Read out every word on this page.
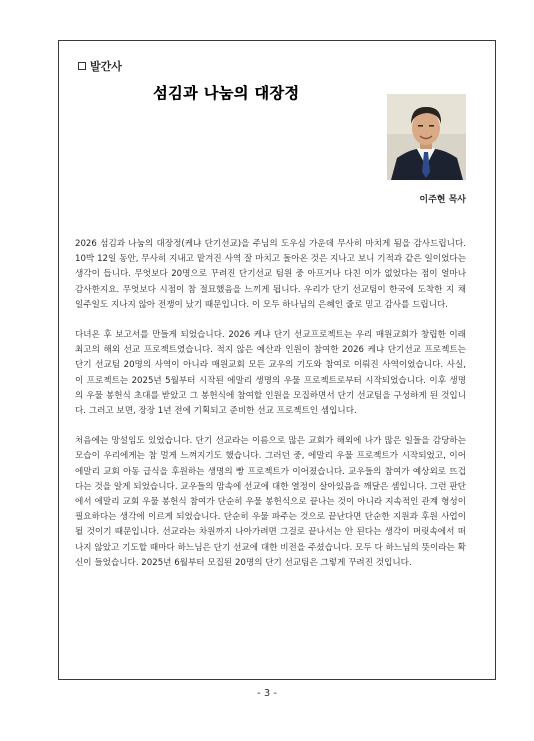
발간사
섬김과 나눔의 대장정
이주현 목사

2026 섬김과 나눔의 대장정(케냐 단기선교)을 주님의 도우심 가운데 무사히 마치게 됨을 감사드립니다. 10박 12일 동안, 무사히 지내고 맡겨진 사역 잘 마치고 돌아온 것은 지나고 보니 기적과 같은 일이었다는 생각이 듭니다. 무엇보다 20명으로 꾸려진 단기선교 팀원 중 아프거나 다친 이가 없었다는 점이 얼마나 감사한지요. 무엇보다 시점이 참 절묘했음을 느끼게 됩니다. 우리가 단기 선교팀이 한국에 도착한 지 채 일주일도 지나지 않아 전쟁이 났기 때문입니다. 이 모두 하나님의 은혜인 줄로 믿고 감사를 드립니다.

다녀온 후 보고서를 만들게 되었습니다. 2026 케냐 단기 선교프로젝트는 우리 매원교회가 창립한 이래 최고의 해외 선교 프로젝트였습니다. 적지 않은 예산과 인원이 참여한 2026 케냐 단기선교 프로젝트는 단기 선교팀 20명의 사역이 아니라 매원교회 모든 교우의 기도와 참여로 이뤄진 사역이었습니다. 사실, 이 프로젝트는 2025년 5월부터 시작된 에말리 생명의 우물 프로젝트로부터 시작되었습니다. 이후 생명의 우물 봉헌식 초대를 받았고 그 봉헌식에 참여할 인원을 모집하면서 단기 선교팀을 구성하게 된 것입니다. 그러고 보면, 장장 1년 전에 기획되고 준비한 선교 프로젝트인 셈입니다.

처음에는 망설임도 있었습니다. 단기 선교라는 이름으로 많은 교회가 해외에 나가 많은 일들을 감당하는 모습이 우리에게는 참 멀게 느껴지기도 했습니다. 그러던 중, 에말리 우물 프로젝트가 시작되었고, 이어 에말리 교회 아동 급식을 후원하는 생명의 빵 프로젝트가 이어졌습니다. 교우들의 참여가 예상외로 뜨겁다는 것을 알게 되었습니다. 교우들의 맘속에 선교에 대한 열정이 살아있음을 깨달은 셈입니다. 그런 판단에서 에말리 교회 우물 봉헌식 참여가 단순히 우물 봉헌식으로 끝나는 것이 아니라 지속적인 관계 형성이 필요하다는 생각에 이르게 되었습니다. 단순히 우물 파주는 것으로 끝난다면 단순한 지원과 후원 사업이 될 것이기 때문입니다. 선교라는 차원까지 나아가려면 그걸로 끝나서는 안 된다는 생각이 머릿속에서 떠나지 않았고 기도할 때마다 하느님은 단기 선교에 대한 비전을 주셨습니다. 모두 다 하느님의 뜻이라는 확신이 들었습니다. 2025년 6월부터 모집된 20명의 단기 선교팀은 그렇게 꾸려진 것입니다.

- 3 -
